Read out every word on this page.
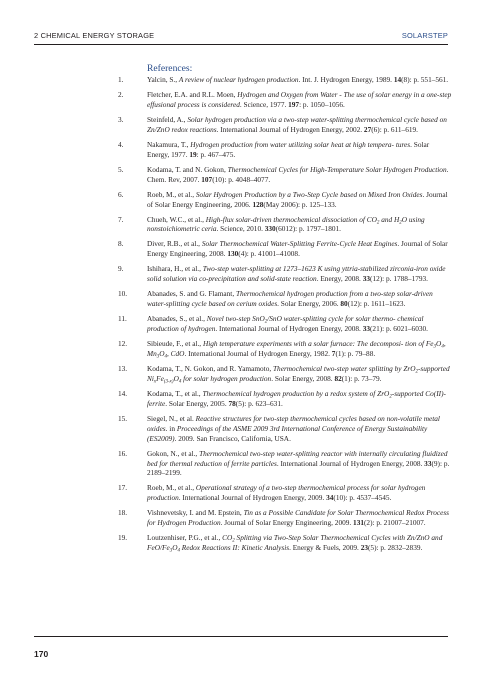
2 CHEMICAL ENERGY STORAGE	SOLARSTEP
References:
1.	Yalcin, S., A review of nuclear hydrogen production. Int. J. Hydrogen Energy, 1989. 14(8): p. 551–561.
2.	Fletcher, E.A. and R.L. Moen, Hydrogen and Oxygen from Water - The use of solar energy in a one-step effusional process is considered. Science, 1977. 197: p. 1050–1056.
3.	Steinfeld, A., Solar hydrogen production via a two-step water-splitting thermochemical cycle based on Zn/ZnO redox reactions. International Journal of Hydrogen Energy, 2002. 27(6): p. 611–619.
4.	Nakamura, T., Hydrogen production from water utilizing solar heat at high tempera- tures. Solar Energy, 1977. 19: p. 467–475.
5.	Kodama, T. and N. Gokon, Thermochemical Cycles for High-Temperature Solar Hydrogen Production. Chem. Rev, 2007. 107(10): p. 4048–4077.
6.	Roeb, M., et al., Solar Hydrogen Production by a Two-Step Cycle based on Mixed Iron Oxides. Journal of Solar Energy Engineering, 2006. 128(May 2006): p. 125–133.
7.	Chueh, W.C., et al., High-flux solar-driven thermochemical dissociation of $CO_2$ and $H_2O$ using nonstoichiometric ceria. Science, 2010. 330(6012): p. 1797–1801.
8.	Diver, R.B., et al., Solar Thermochemical Water-Splitting Ferrite-Cycle Heat Engines. Journal of Solar Energy Engineering, 2008. 130(4): p. 41001–41008.
9.	Ishihara, H., et al., Two-step water-splitting at 1273–1623 K using yttria-stabilized zirconia-iron oxide solid solution via co-precipitation and solid-state reaction. Energy, 2008. 33(12): p. 1788–1793.
10.	Abanades, S. and G. Flamant, Thermochemical hydrogen production from a two-step solar-driven water-splitting cycle based on cerium oxides. Solar Energy, 2006. 80(12): p. 1611–1623.
11.	Abanades, S., et al., Novel two-step SnO$_2$/SnO water-splitting cycle for solar thermo- chemical production of hydrogen. International Journal of Hydrogen Energy, 2008. 33(21): p. 6021–6030.
12.	Sibieude, F., et al., High temperature experiments with a solar furnace: The decomposi- tion of $Fe_3O_4$, $Mn_3O_4$, CdO. International Journal of Hydrogen Energy, 1982. 7(1): p. 79–88.
13.	Kodama, T., N. Gokon, and R. Yamamoto, Thermochemical two-step water splitting by ZrO$_2$-supported $Ni_xFe_{(3-x)}O_4$ for solar hydrogen production. Solar Energy, 2008. 82(1): p. 73–79.
14.	Kodama, T., et al., Thermochemical hydrogen production by a redox system of ZrO$_2$-supported Co(II)-ferrite. Solar Energy, 2005. 78(5): p. 623–631.
15.	Siegel, N., et al. Reactive structures for two-step thermochemical cycles based on non-volatile metal oxides. in Proceedings of the ASME 2009 3rd International Conference of Energy Sustainability (ES2009). 2009. San Francisco, California, USA.
16.	Gokon, N., et al., Thermochemical two-step water-splitting reactor with internally circulating fluidized bed for thermal reduction of ferrite particles. International Journal of Hydrogen Energy, 2008. 33(9): p. 2189–2199.
17.	Roeb, M., et al., Operational strategy of a two-step thermochemical process for solar hydrogen production. International Journal of Hydrogen Energy, 2009. 34(10): p. 4537–4545.
18.	Vishnevetsky, I. and M. Epstein, Tin as a Possible Candidate for Solar Thermochemical Redox Process for Hydrogen Production. Journal of Solar Energy Engineering, 2009. 131(2): p. 21007–21007.
19.	Loutzenhiser, P.G., et al., $CO_2$ Splitting via Two-Step Solar Thermochemical Cycles with Zn/ZnO and FeO/$Fe_3O_4$ Redox Reactions II: Kinetic Analysis. Energy & Fuels, 2009. 23(5): p. 2832–2839.
170
